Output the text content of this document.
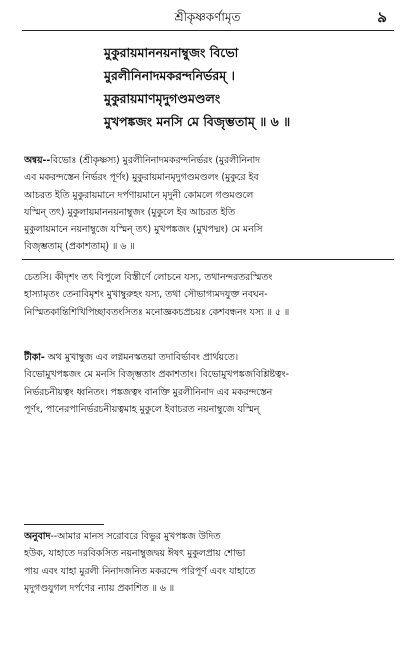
শ্রীকৃষ্ণকর্ণামৃত	৯
মুকুরায়মাননয়নাম্বুজং বিভো
মুরলীনিনাদমকরন্দনির্ভরম্ ।
মুকুরায়মাণমৃদুগণ্ডমণ্ডলং
মুখপঙ্কজং মনসি মে বিজৃম্ভতাম্ ॥ ৬ ॥
অন্বয়--বিভোঃ (শ্রীকৃষ্ণস্য) মুরলীনিনাদমকরন্দনির্ভরং (মুরলীনিনাদ
এব মকরন্দস্তেন নির্ভরং পূর্ণং) মুকুরায়মানমৃদুগণ্ডমণ্ডলং (মুকুরে ইব
আচরত ইতি মুকুরায়মানে দর্পণায়মানে মৃদুনী কোমলে গণ্ডমণ্ডলে
যস্মিন্ তৎ) মুকুলায়মাননয়নাম্বুজং (মুকুলে ইব আচরত ইতি
মুকুলায়মানে নয়নাম্বুজে যস্মিন্ তৎ) মুখপঙ্কজং (মুখপদ্মং) মে মনসি
বিজৃম্ভতাম্ (প্রকাশতাম্) ॥ ৬ ॥
চেতসি। কীদৃশং তৎ বিপুলে বিস্তীর্ণে লোচনে যস্য, তথানন্দরতরস্মিতং
হাস্যামৃতং তেনাবিমৃশং মুখাম্বুরুহং যস্য, তথা সৌভাগ্যমদযুক্ত নবঘন-
নিস্মিতকান্তিশিখিপিচ্ছাবতংসিতঃ মনোজ্ঞকচপ্রচয়ঃ কেশবন্ধনং যস্য ॥ ৫ ॥
টীকা- অথ মুখাম্বুজ এব লগ্নমনস্কতয়া তদাবির্ভাবং প্রার্থয়তে।
বিভোমুখপঙ্কজং মে মনসি বিজৃম্ভতাং প্রকাশতাং। বিভোমুখপঙ্কজবিশ্লিষ্টত্বং-
নির্ভরচনীয়ত্বং ধ্বনিতং। পঙ্কজত্বং বানক্তি মুরলীনিনাদ এব মকরন্দস্তেন
পূর্ণং, পানেরপানির্ভরচনীয়ত্বমাহ মুকুলে ইবাচরত নয়নাম্বুজে যস্মিন্
অনুবাদ--আমার মানস সরোবরে বিভুর মুখপঙ্কজ উদিত
হউক, যাহাতে দরবিকসিত নয়নাম্বুজদ্বয় ঈষৎ মুকুলপ্রায় শোভা
পায় এবং যাহা মুরলী নিনাদজনিত মকরন্দে পরিপূর্ণ এবং যাহাতে
মৃদুগণ্ডযুগল দর্পণের ন্যায় প্রকাশিত ॥ ৬ ॥
